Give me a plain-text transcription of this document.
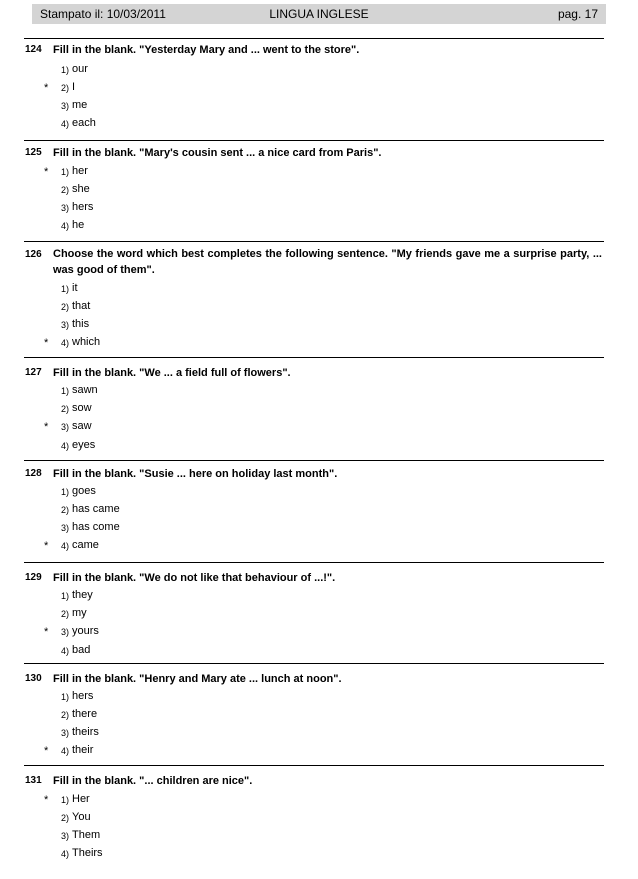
Stampato il: 10/03/2011	LINGUA INGLESE	pag. 17
124 Fill in the blank. "Yesterday Mary and ... went to the store".
1) our
* 2) I
3) me
4) each
125 Fill in the blank. "Mary's cousin sent ... a nice card from Paris".
* 1) her
2) she
3) hers
4) he
126 Choose the word which best completes the following sentence. "My friends gave me a surprise party, ... was good of them".
1) it
2) that
3) this
* 4) which
127 Fill in the blank. "We ... a field full of flowers".
1) sawn
2) sow
* 3) saw
4) eyes
128 Fill in the blank. "Susie ... here on holiday last month".
1) goes
2) has came
3) has come
* 4) came
129 Fill in the blank. "We do not like that behaviour of ...!".
1) they
2) my
* 3) yours
4) bad
130 Fill in the blank. "Henry and Mary ate ... lunch at noon".
1) hers
2) there
3) theirs
* 4) their
131 Fill in the blank. "... children are nice".
* 1) Her
2) You
3) Them
4) Theirs
